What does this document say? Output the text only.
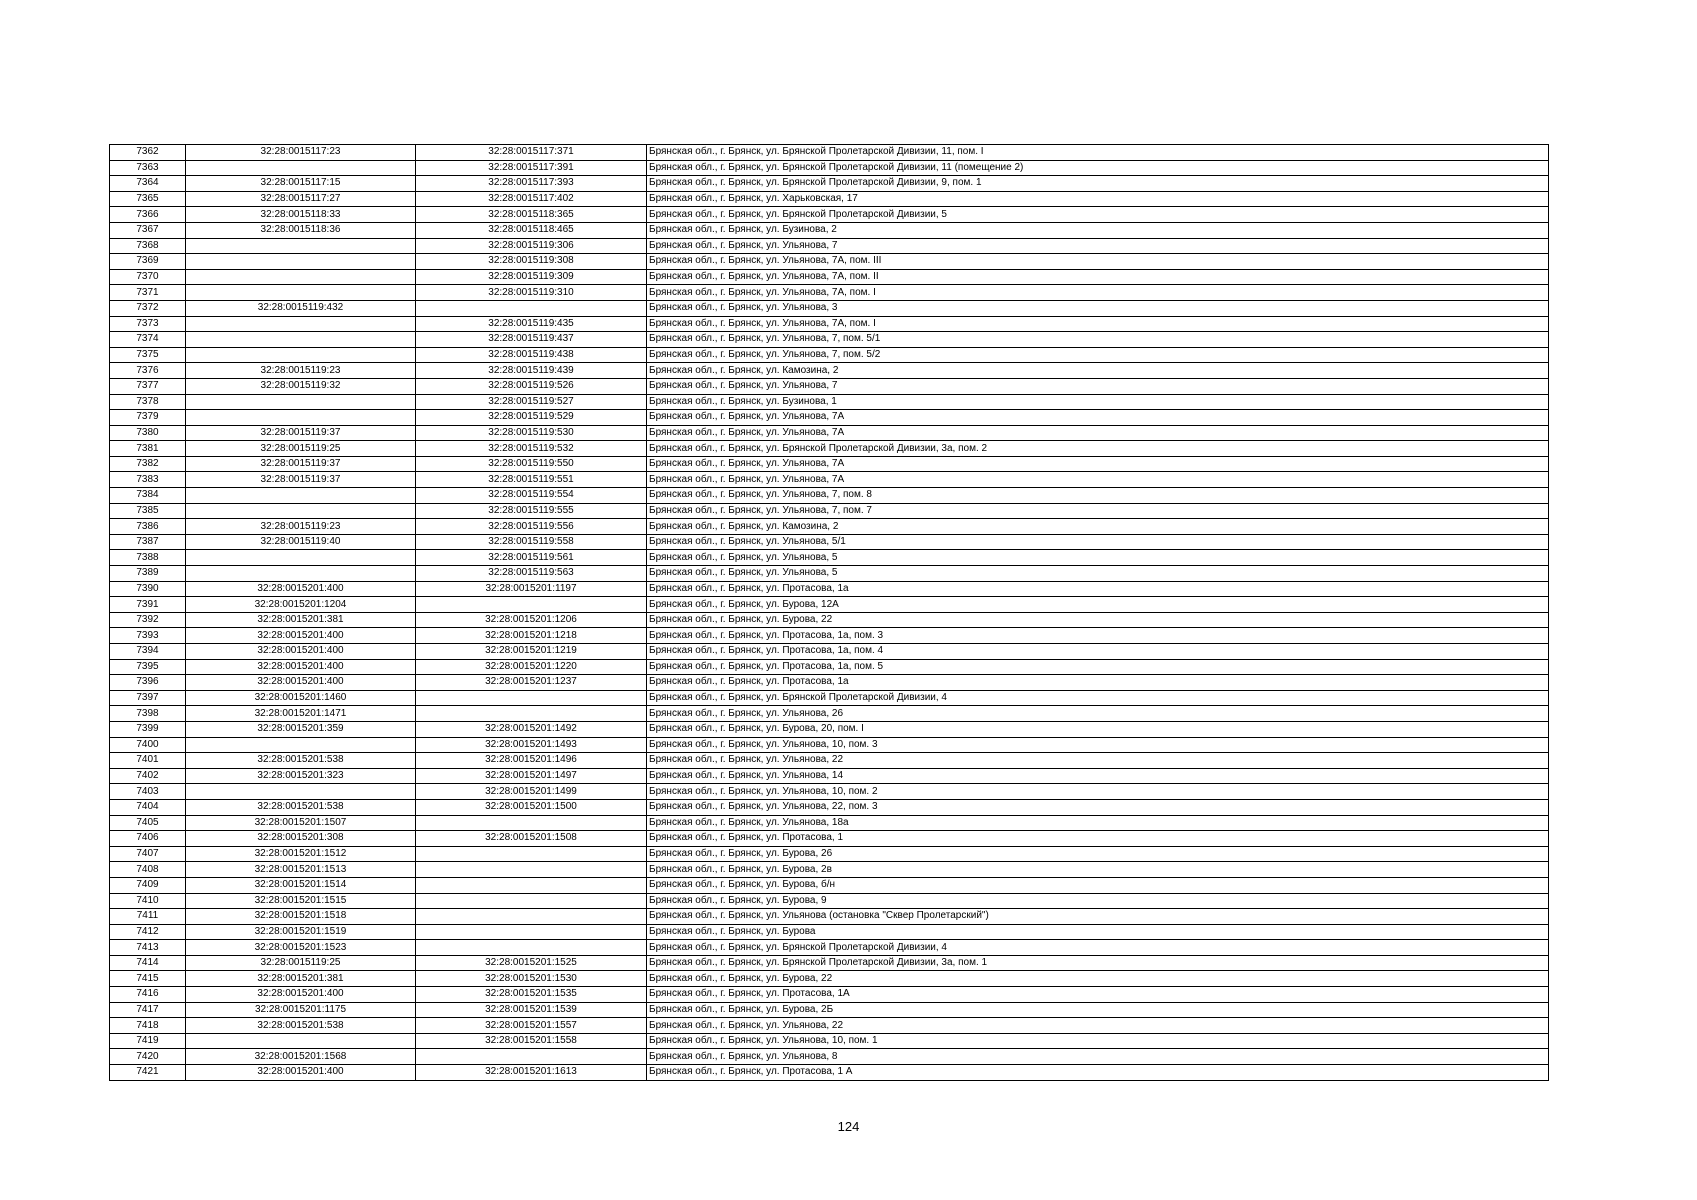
7362	32:28:0015117:23	32:28:0015117:371	Брянская обл., г. Брянск, ул. Брянской Пролетарской Дивизии, 11, пом. I
7363		32:28:0015117:391	Брянская обл., г. Брянск, ул. Брянской Пролетарской Дивизии, 11 (помещение 2)
7364	32:28:0015117:15	32:28:0015117:393	Брянская обл., г. Брянск, ул. Брянской Пролетарской Дивизии, 9, пом. 1
7365	32:28:0015117:27	32:28:0015117:402	Брянская обл., г. Брянск, ул. Харьковская, 17
7366	32:28:0015118:33	32:28:0015118:365	Брянская обл., г. Брянск, ул. Брянской Пролетарской Дивизии, 5
7367	32:28:0015118:36	32:28:0015118:465	Брянская обл., г. Брянск, ул. Бузинова, 2
7368		32:28:0015119:306	Брянская обл., г. Брянск, ул. Ульянова, 7
7369		32:28:0015119:308	Брянская обл., г. Брянск, ул. Ульянова, 7А, пом. III
7370		32:28:0015119:309	Брянская обл., г. Брянск, ул. Ульянова, 7А, пом. II
7371		32:28:0015119:310	Брянская обл., г. Брянск, ул. Ульянова, 7А, пом. I
7372	32:28:0015119:432		Брянская обл., г. Брянск, ул. Ульянова, 3
7373		32:28:0015119:435	Брянская обл., г. Брянск, ул. Ульянова, 7А, пом. I
7374		32:28:0015119:437	Брянская обл., г. Брянск, ул. Ульянова, 7, пом. 5/1
7375		32:28:0015119:438	Брянская обл., г. Брянск, ул. Ульянова, 7, пом. 5/2
7376	32:28:0015119:23	32:28:0015119:439	Брянская обл., г. Брянск, ул. Камозина, 2
7377	32:28:0015119:32	32:28:0015119:526	Брянская обл., г. Брянск, ул. Ульянова, 7
7378		32:28:0015119:527	Брянская обл., г. Брянск, ул. Бузинова, 1
7379		32:28:0015119:529	Брянская обл., г. Брянск, ул. Ульянова, 7А
7380	32:28:0015119:37	32:28:0015119:530	Брянская обл., г. Брянск, ул. Ульянова, 7А
7381	32:28:0015119:25	32:28:0015119:532	Брянская обл., г. Брянск, ул. Брянской Пролетарской Дивизии, 3а, пом. 2
7382	32:28:0015119:37	32:28:0015119:550	Брянская обл., г. Брянск, ул. Ульянова, 7А
7383	32:28:0015119:37	32:28:0015119:551	Брянская обл., г. Брянск, ул. Ульянова, 7А
7384		32:28:0015119:554	Брянская обл., г. Брянск, ул. Ульянова, 7, пом. 8
7385		32:28:0015119:555	Брянская обл., г. Брянск, ул. Ульянова, 7, пом. 7
7386	32:28:0015119:23	32:28:0015119:556	Брянская обл., г. Брянск, ул. Камозина, 2
7387	32:28:0015119:40	32:28:0015119:558	Брянская обл., г. Брянск, ул. Ульянова, 5/1
7388		32:28:0015119:561	Брянская обл., г. Брянск, ул. Ульянова, 5
7389		32:28:0015119:563	Брянская обл., г. Брянск, ул. Ульянова, 5
7390	32:28:0015201:400	32:28:0015201:1197	Брянская обл., г. Брянск, ул. Протасова, 1а
7391	32:28:0015201:1204		Брянская обл., г. Брянск, ул. Бурова, 12А
7392	32:28:0015201:381	32:28:0015201:1206	Брянская обл., г. Брянск, ул. Бурова, 22
7393	32:28:0015201:400	32:28:0015201:1218	Брянская обл., г. Брянск, ул. Протасова, 1а, пом. 3
7394	32:28:0015201:400	32:28:0015201:1219	Брянская обл., г. Брянск, ул. Протасова, 1а, пом. 4
7395	32:28:0015201:400	32:28:0015201:1220	Брянская обл., г. Брянск, ул. Протасова, 1а, пом. 5
7396	32:28:0015201:400	32:28:0015201:1237	Брянская обл., г. Брянск, ул. Протасова, 1а
7397	32:28:0015201:1460		Брянская обл., г. Брянск, ул. Брянской Пролетарской Дивизии, 4
7398	32:28:0015201:1471		Брянская обл., г. Брянск, ул. Ульянова, 26
7399	32:28:0015201:359	32:28:0015201:1492	Брянская обл., г. Брянск, ул. Бурова, 20, пом. I
7400		32:28:0015201:1493	Брянская обл., г. Брянск, ул. Ульянова, 10, пом. 3
7401	32:28:0015201:538	32:28:0015201:1496	Брянская обл., г. Брянск, ул. Ульянова, 22
7402	32:28:0015201:323	32:28:0015201:1497	Брянская обл., г. Брянск, ул. Ульянова, 14
7403		32:28:0015201:1499	Брянская обл., г. Брянск, ул. Ульянова, 10, пом. 2
7404	32:28:0015201:538	32:28:0015201:1500	Брянская обл., г. Брянск, ул. Ульянова, 22, пом. 3
7405	32:28:0015201:1507		Брянская обл., г. Брянск, ул. Ульянова, 18а
7406	32:28:0015201:308	32:28:0015201:1508	Брянская обл., г. Брянск, ул. Протасова, 1
7407	32:28:0015201:1512		Брянская обл., г. Брянск, ул. Бурова, 26
7408	32:28:0015201:1513		Брянская обл., г. Брянск, ул. Бурова, 2в
7409	32:28:0015201:1514		Брянская обл., г. Брянск, ул. Бурова, б/н
7410	32:28:0015201:1515		Брянская обл., г. Брянск, ул. Бурова, 9
7411	32:28:0015201:1518		Брянская обл., г. Брянск, ул. Ульянова (остановка "Сквер Пролетарский")
7412	32:28:0015201:1519		Брянская обл., г. Брянск, ул. Бурова
7413	32:28:0015201:1523		Брянская обл., г. Брянск, ул. Брянской Пролетарской Дивизии, 4
7414	32:28:0015119:25	32:28:0015201:1525	Брянская обл., г. Брянск, ул. Брянской Пролетарской Дивизии, 3а, пом. 1
7415	32:28:0015201:381	32:28:0015201:1530	Брянская обл., г. Брянск, ул. Бурова, 22
7416	32:28:0015201:400	32:28:0015201:1535	Брянская обл., г. Брянск, ул. Протасова, 1А
7417	32:28:0015201:1175	32:28:0015201:1539	Брянская обл., г. Брянск, ул. Бурова, 2Б
7418	32:28:0015201:538	32:28:0015201:1557	Брянская обл., г. Брянск, ул. Ульянова, 22
7419		32:28:0015201:1558	Брянская обл., г. Брянск, ул. Ульянова, 10, пом. 1
7420	32:28:0015201:1568		Брянская обл., г. Брянск, ул. Ульянова, 8
7421	32:28:0015201:400	32:28:0015201:1613	Брянская обл., г. Брянск, ул. Протасова, 1 А
124
